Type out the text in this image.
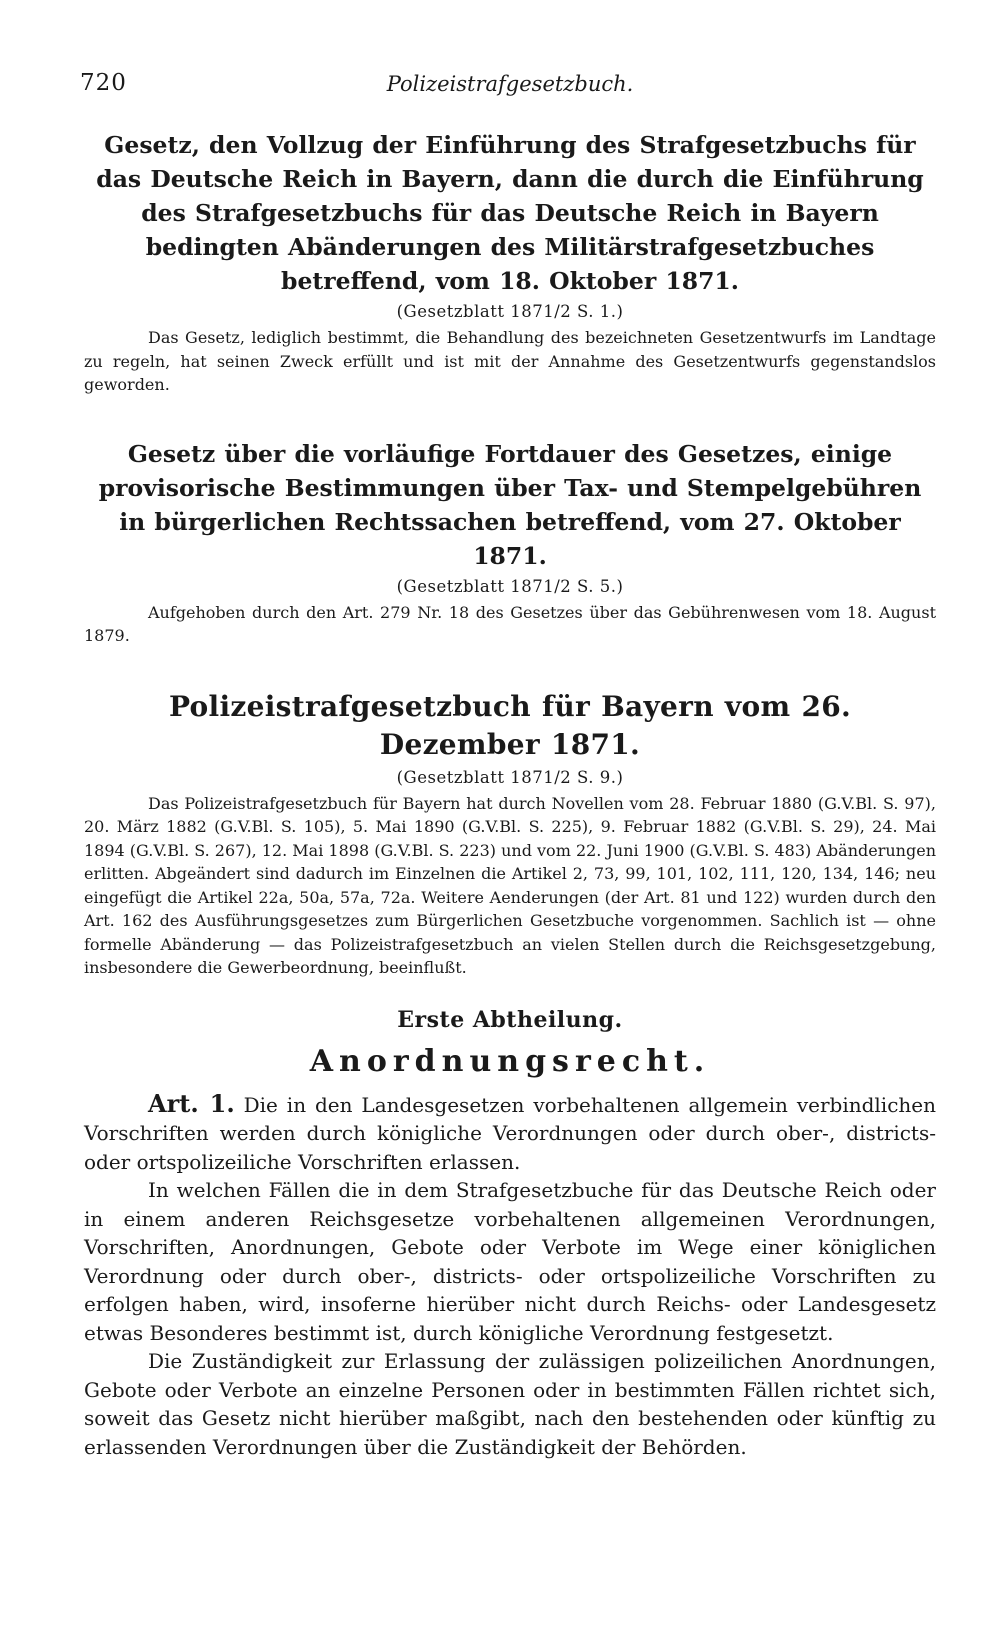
720	Polizeistrafgesetzbuch.
Gesetz, den Vollzug der Einführung des Strafgesetzbuchs für das Deutsche Reich in Bayern, dann die durch die Einführung des Strafgesetzbuchs für das Deutsche Reich in Bayern bedingten Abänderungen des Militärstrafgesetzbuches betreffend, vom 18. Oktober 1871.
(Gesetzblatt 1871/2 S. 1.)

Das Gesetz, lediglich bestimmt, die Behandlung des bezeichneten Gesetzentwurfs im Landtage zu regeln, hat seinen Zweck erfüllt und ist mit der Annahme des Gesetzentwurfs gegenstandslos geworden.

Gesetz über die vorläufige Fortdauer des Gesetzes, einige provisorische Bestimmungen über Tax- und Stempelgebühren in bürgerlichen Rechtssachen betreffend, vom 27. Oktober 1871.
(Gesetzblatt 1871/2 S. 5.)

Aufgehoben durch den Art. 279 Nr. 18 des Gesetzes über das Gebührenwesen vom 18. August 1879.

Polizeistrafgesetzbuch für Bayern vom 26. Dezember 1871.
(Gesetzblatt 1871/2 S. 9.)

Das Polizeistrafgesetzbuch für Bayern hat durch Novellen vom 28. Februar 1880 (G.V.Bl. S. 97), 20. März 1882 (G.V.Bl. S. 105), 5. Mai 1890 (G.V.Bl. S. 225), 9. Februar 1882 (G.V.Bl. S. 29), 24. Mai 1894 (G.V.Bl. S. 267), 12. Mai 1898 (G.V.Bl. S. 223) und vom 22. Juni 1900 (G.V.Bl. S. 483) Abänderungen erlitten. Abgeändert sind dadurch im Einzelnen die Artikel 2, 73, 99, 101, 102, 111, 120, 134, 146; neu eingefügt die Artikel 22a, 50a, 57a, 72a. Weitere Aenderungen (der Art. 81 und 122) wurden durch den Art. 162 des Ausführungsgesetzes zum Bürgerlichen Gesetzbuche vorgenommen. Sachlich ist — ohne formelle Abänderung — das Polizeistrafgesetzbuch an vielen Stellen durch die Reichsgesetzgebung, insbesondere die Gewerbeordnung, beeinflußt.

Erste Abtheilung.
Anordnungsrecht.

Art. 1. Die in den Landesgesetzen vorbehaltenen allgemein verbindlichen Vorschriften werden durch königliche Verordnungen oder durch ober-, districts- oder ortspolizeiliche Vorschriften erlassen.

In welchen Fällen die in dem Strafgesetzbuche für das Deutsche Reich oder in einem anderen Reichsgesetze vorbehaltenen allgemeinen Verordnungen, Vorschriften, Anordnungen, Gebote oder Verbote im Wege einer königlichen Verordnung oder durch ober-, districts- oder ortspolizeiliche Vorschriften zu erfolgen haben, wird, insoferne hierüber nicht durch Reichs- oder Landesgesetz etwas Besonderes bestimmt ist, durch königliche Verordnung festgesetzt.

Die Zuständigkeit zur Erlassung der zulässigen polizeilichen Anordnungen, Gebote oder Verbote an einzelne Personen oder in bestimmten Fällen richtet sich, soweit das Gesetz nicht hierüber maßgibt, nach den bestehenden oder künftig zu erlassenden Verordnungen über die Zuständigkeit der Behörden.
